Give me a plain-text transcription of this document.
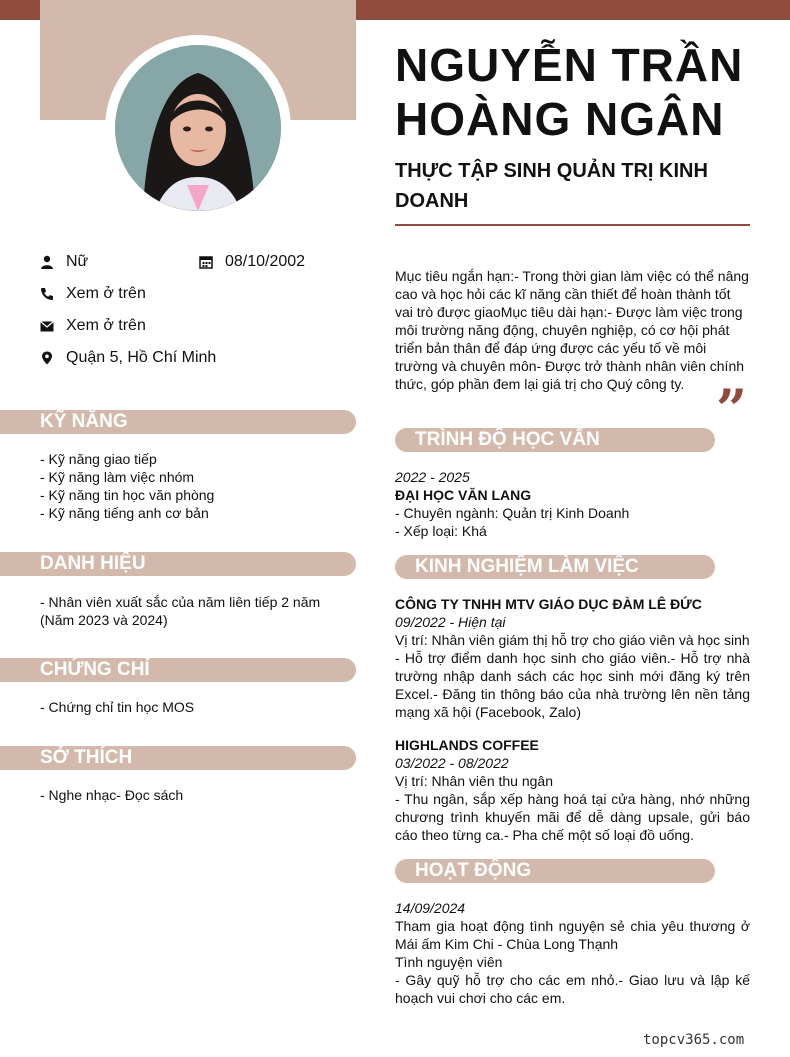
NGUYỄN TRẦN HOÀNG NGÂN
THỰC TẬP SINH QUẢN TRỊ KINH DOANH
Nữ	08/10/2002
Xem ở trên
Xem ở trên
Quận 5, Hồ Chí Minh
KỸ NĂNG
- Kỹ năng giao tiếp
- Kỹ năng làm việc nhóm
- Kỹ năng tin học văn phòng
- Kỹ năng tiếng anh cơ bản
DANH HIỆU
- Nhân viên xuất sắc của năm liên tiếp 2 năm (Năm 2023 và 2024)
CHỨNG CHỈ
- Chứng chỉ tin học MOS
SỞ THÍCH
- Nghe nhạc- Đọc sách
Mục tiêu ngắn hạn:- Trong thời gian làm việc có thể nâng cao và học hỏi các kĩ năng cần thiết để hoàn thành tốt vai trò được giaoMục tiêu dài hạn:- Được làm việc trong môi trường năng động, chuyên nghiệp, có cơ hội phát triển bản thân để đáp ứng được các yếu tố về môi trường và chuyên môn- Được trở thành nhân viên chính thức, góp phần đem lại giá trị cho Quý công ty. ”
TRÌNH ĐỘ HỌC VẤN
2022 - 2025
ĐẠI HỌC VĂN LANG
- Chuyên ngành: Quản trị Kinh Doanh
- Xếp loại: Khá
KINH NGHIỆM LÀM VIỆC
CÔNG TY TNHH MTV GIÁO DỤC ĐÀM LÊ ĐỨC
09/2022 - Hiện tại
Vị trí: Nhân viên giám thị hỗ trợ cho giáo viên và học sinh
- Hỗ trợ điểm danh học sinh cho giáo viên.- Hỗ trợ nhà trường nhập danh sách các học sinh mới đăng ký trên Excel.- Đăng tin thông báo của nhà trường lên nền tảng mạng xã hội (Facebook, Zalo)
HIGHLANDS COFFEE
03/2022 - 08/2022
Vị trí: Nhân viên thu ngân
- Thu ngân, sắp xếp hàng hoá tại cửa hàng, nhớ những chương trình khuyến mãi để dễ dàng upsale, gửi báo cáo theo từng ca.- Pha chế một số loại đồ uống.
HOẠT ĐỘNG
14/09/2024
Tham gia hoạt động tình nguyện sẻ chia yêu thương ở Mái ấm Kim Chi - Chùa Long Thạnh
Tình nguyện viên
- Gây quỹ hỗ trợ cho các em nhỏ.- Giao lưu và lập kế hoạch vui chơi cho các em.
topcv365.com
